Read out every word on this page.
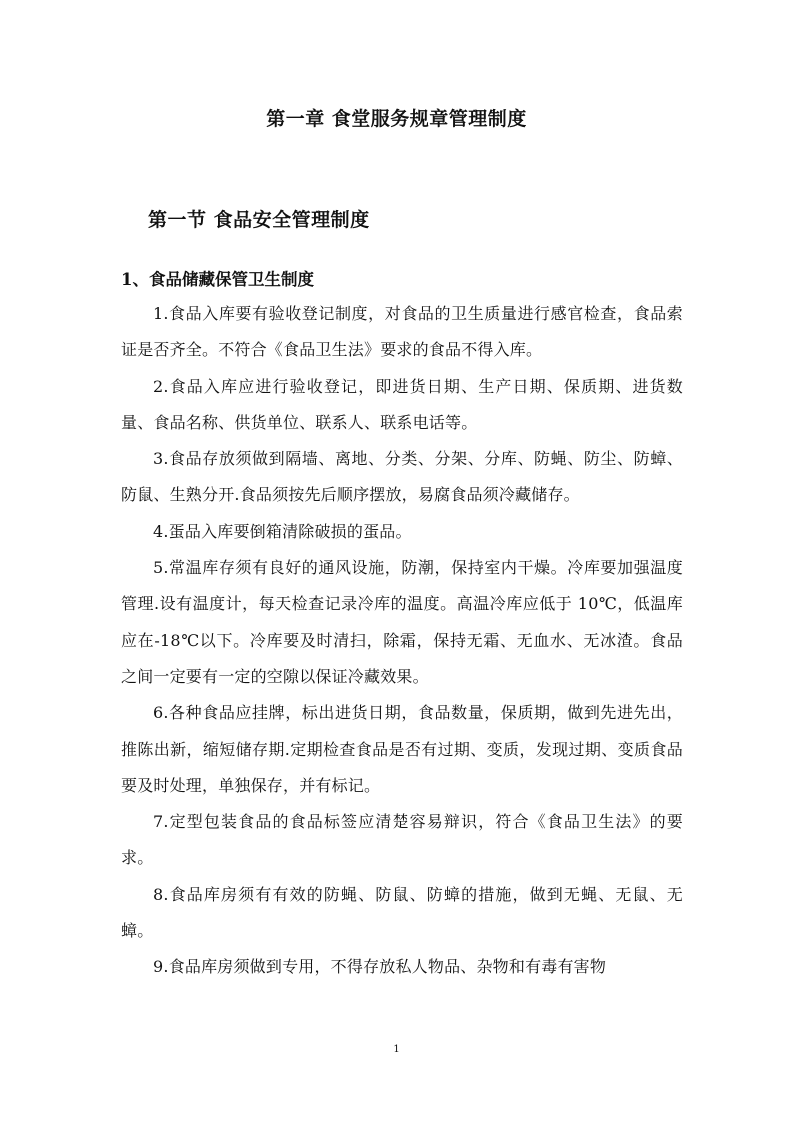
第一章 食堂服务规章管理制度
第一节 食品安全管理制度
1、食品储藏保管卫生制度

1.食品入库要有验收登记制度，对食品的卫生质量进行感官检查，食品索证是否齐全。不符合《食品卫生法》要求的食品不得入库。

2.食品入库应进行验收登记，即进货日期、生产日期、保质期、进货数量、食品名称、供货单位、联系人、联系电话等。

3.食品存放须做到隔墙、离地、分类、分架、分库、防蝇、防尘、防蟑、防鼠、生熟分开.食品须按先后顺序摆放，易腐食品须冷藏储存。

4.蛋品入库要倒箱清除破损的蛋品。

5.常温库存须有良好的通风设施，防潮，保持室内干燥。冷库要加强温度管理.设有温度计，每天检查记录冷库的温度。高温冷库应低于 10℃，低温库应在-18℃以下。冷库要及时清扫，除霜，保持无霜、无血水、无冰渣。食品之间一定要有一定的空隙以保证冷藏效果。

6.各种食品应挂牌，标出进货日期，食品数量，保质期，做到先进先出，推陈出新，缩短储存期.定期检查食品是否有过期、变质，发现过期、变质食品要及时处理，单独保存，并有标记。

7.定型包装食品的食品标签应清楚容易辩识，符合《食品卫生法》的要求。

8.食品库房须有有效的防蝇、防鼠、防蟑的措施，做到无蝇、无鼠、无蟑。

9.食品库房须做到专用，不得存放私人物品、杂物和有毒有害物

1
